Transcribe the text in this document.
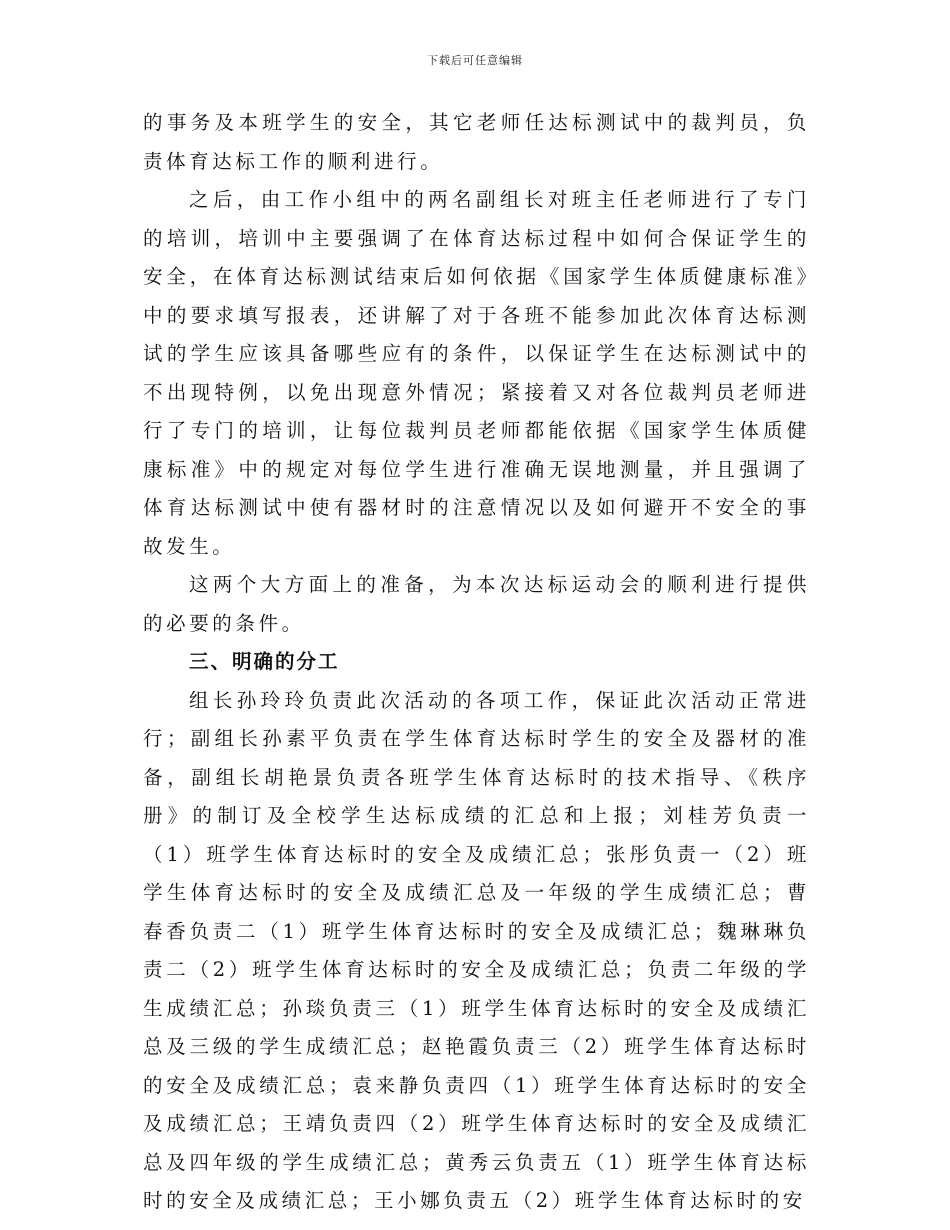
下载后可任意编辑

的事务及本班学生的安全，其它老师任达标测试中的裁判员，负责体育达标工作的顺利进行。

之后，由工作小组中的两名副组长对班主任老师进行了专门的培训，培训中主要强调了在体育达标过程中如何合保证学生的安全，在体育达标测试结束后如何依据《国家学生体质健康标准》中的要求填写报表，还讲解了对于各班不能参加此次体育达标测试的学生应该具备哪些应有的条件，以保证学生在达标测试中的不出现特例，以免出现意外情况；紧接着又对各位裁判员老师进行了专门的培训，让每位裁判员老师都能依据《国家学生体质健康标准》中的规定对每位学生进行准确无误地测量，并且强调了体育达标测试中使有器材时的注意情况以及如何避开不安全的事故发生。

这两个大方面上的准备，为本次达标运动会的顺利进行提供的必要的条件。

三、明确的分工

组长孙玲玲负责此次活动的各项工作，保证此次活动正常进行；副组长孙素平负责在学生体育达标时学生的安全及器材的准备，副组长胡艳景负责各班学生体育达标时的技术指导、《秩序册》的制订及全校学生达标成绩的汇总和上报；刘桂芳负责一（1）班学生体育达标时的安全及成绩汇总；张彤负责一（2）班学生体育达标时的安全及成绩汇总及一年级的学生成绩汇总；曹春香负责二（1）班学生体育达标时的安全及成绩汇总；魏琳琳负责二（2）班学生体育达标时的安全及成绩汇总；负责二年级的学生成绩汇总；孙琰负责三（1）班学生体育达标时的安全及成绩汇总及三级的学生成绩汇总；赵艳霞负责三（2）班学生体育达标时的安全及成绩汇总；袁来静负责四（1）班学生体育达标时的安全及成绩汇总；王靖负责四（2）班学生体育达标时的安全及成绩汇总及四年级的学生成绩汇总；黄秀云负责五（1）班学生体育达标时的安全及成绩汇总；王小娜负责五（2）班学生体育达标时的安
